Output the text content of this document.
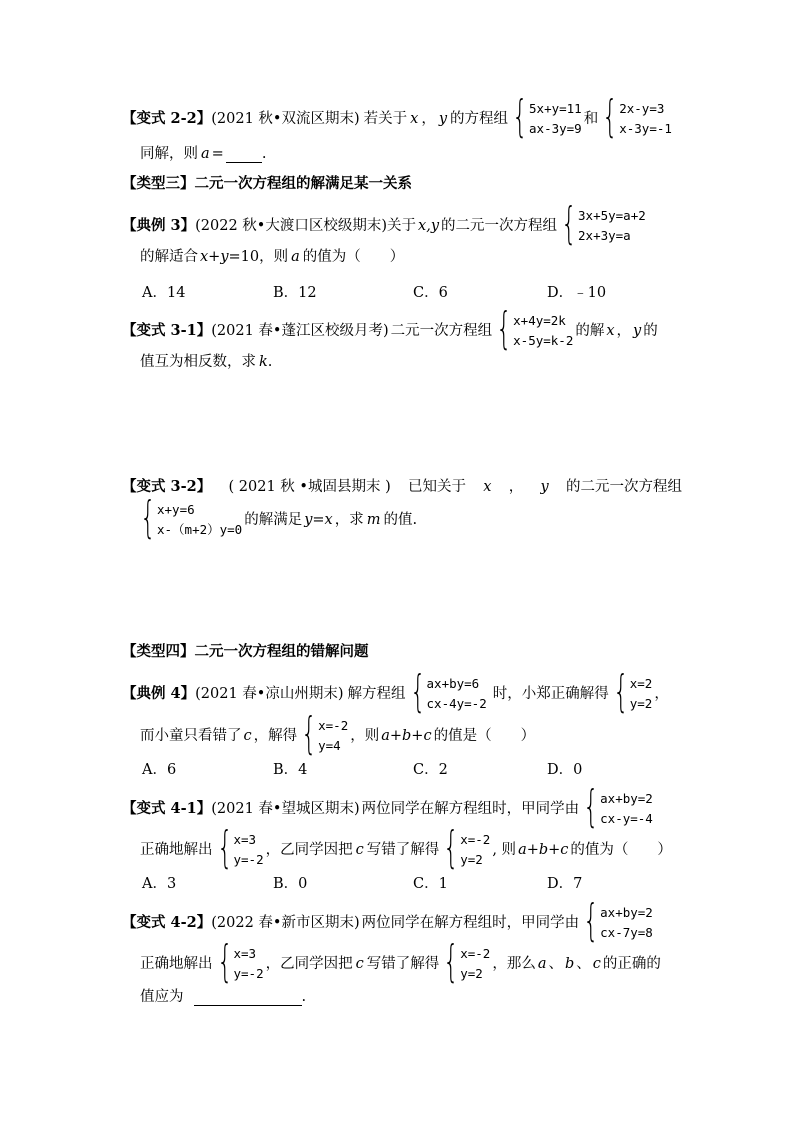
【变式 2-2】 (2021 秋•双流区期末) 若关于 x ， y 的方程组 { 5x+y=11
ax-3y=9
和 { 2x-y=3
x-3y=-1
同解，则 a =	.
【类型三】二元一次方程组的解满足某一关系
【典例 3】 (2022 秋•大渡口区校级期末) 关于 x,y 的二元一次方程组 { 3x+5y=a+2
2x+3y=a
的解适合 x+y =10，则 a 的值为（　　）
A．14	B．12	C．6	D．﹣10
【变式 3-1】 (2021 春•蓬江区校级月考) 二元一次方程组 { x+4y=2k
x-5y=k-2
的解 x ， y 的
值互为相反数，求 k .
【变式 3-2】 ( 2021 秋 •城固县期末 ) 已知关于 x ， y 的二元一次方程组
{ x+y=6
x-（m+2）y=0
的解满足 y=x ，求 m 的值.
【类型四】二元一次方程组的错解问题
【典例 4】 (2021 春•凉山州期末) 解方程组 { ax+by=6
cx-4y=-2
时，小郑正确解得 { x=2
y=2
，
而小童只看错了 c ，解得 { x=-2
y=4
，则 a+b+c 的值是（　　）
A．6	B．4	C．2	D．0
【变式 4-1】 (2021 春•望城区期末) 两位同学在解方程组时，甲同学由 { ax+by=2
cx-y=-4
正确地解出 { x=3
y=-2
，乙同学因把 c 写错了解得 { x=-2
y=2
, 则 a+b+c 的值为（　　）
A．3	B．0	C．1	D．7
【变式 4-2】 (2022 春•新市区期末) 两位同学在解方程组时，甲同学由 { ax+by=2
cx-7y=8
正确地解出 { x=3
y=-2
，乙同学因把 c 写错了解得 { x=-2
y=2
，那么 a 、 b 、 c 的正确的
值应为	.
